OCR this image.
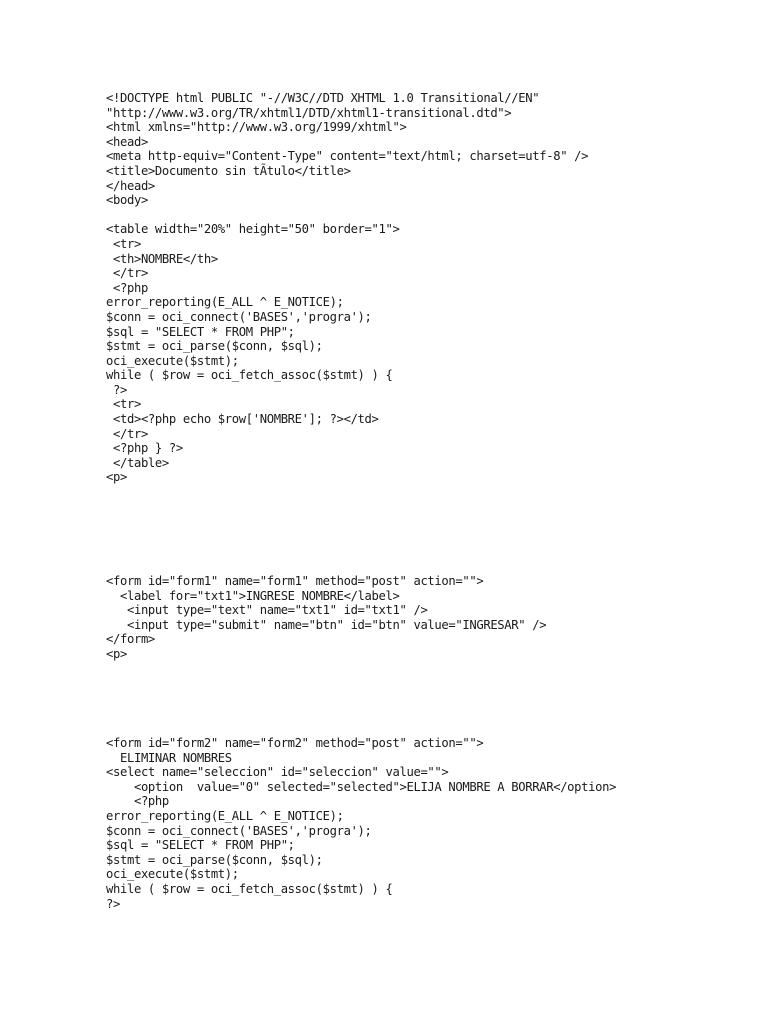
<!DOCTYPE html PUBLIC "-//W3C//DTD XHTML 1.0 Transitional//EN"
"http://www.w3.org/TR/xhtml1/DTD/xhtml1-transitional.dtd">
<html xmlns="http://www.w3.org/1999/xhtml">
<head>
<meta http-equiv="Content-Type" content="text/html; charset=utf-8" />
<title>Documento sin tÃtulo</title>
</head>
<body>
<table width="20%" height="50" border="1">
<tr>
<th>NOMBRE</th>
</tr>
<?php
error_reporting(E_ALL ^ E_NOTICE);
$conn = oci_connect('BASES','progra');
$sql = "SELECT * FROM PHP";
$stmt = oci_parse($conn, $sql);
oci_execute($stmt);
while ( $row = oci_fetch_assoc($stmt) ) {
?>
<tr>
<td><?php echo $row['NOMBRE']; ?></td>
</tr>
<?php } ?>
</table>
<p>
<form id="form1" name="form1" method="post" action="">
<label for="txt1">INGRESE NOMBRE</label>
<input type="text" name="txt1" id="txt1" />
<input type="submit" name="btn" id="btn" value="INGRESAR" />
</form>
<p>
<form id="form2" name="form2" method="post" action="">
ELIMINAR NOMBRES
<select name="seleccion" id="seleccion" value="">
<option  value="0" selected="selected">ELIJA NOMBRE A BORRAR</option>
<?php
error_reporting(E_ALL ^ E_NOTICE);
$conn = oci_connect('BASES','progra');
$sql = "SELECT * FROM PHP";
$stmt = oci_parse($conn, $sql);
oci_execute($stmt);
while ( $row = oci_fetch_assoc($stmt) ) {
?>
